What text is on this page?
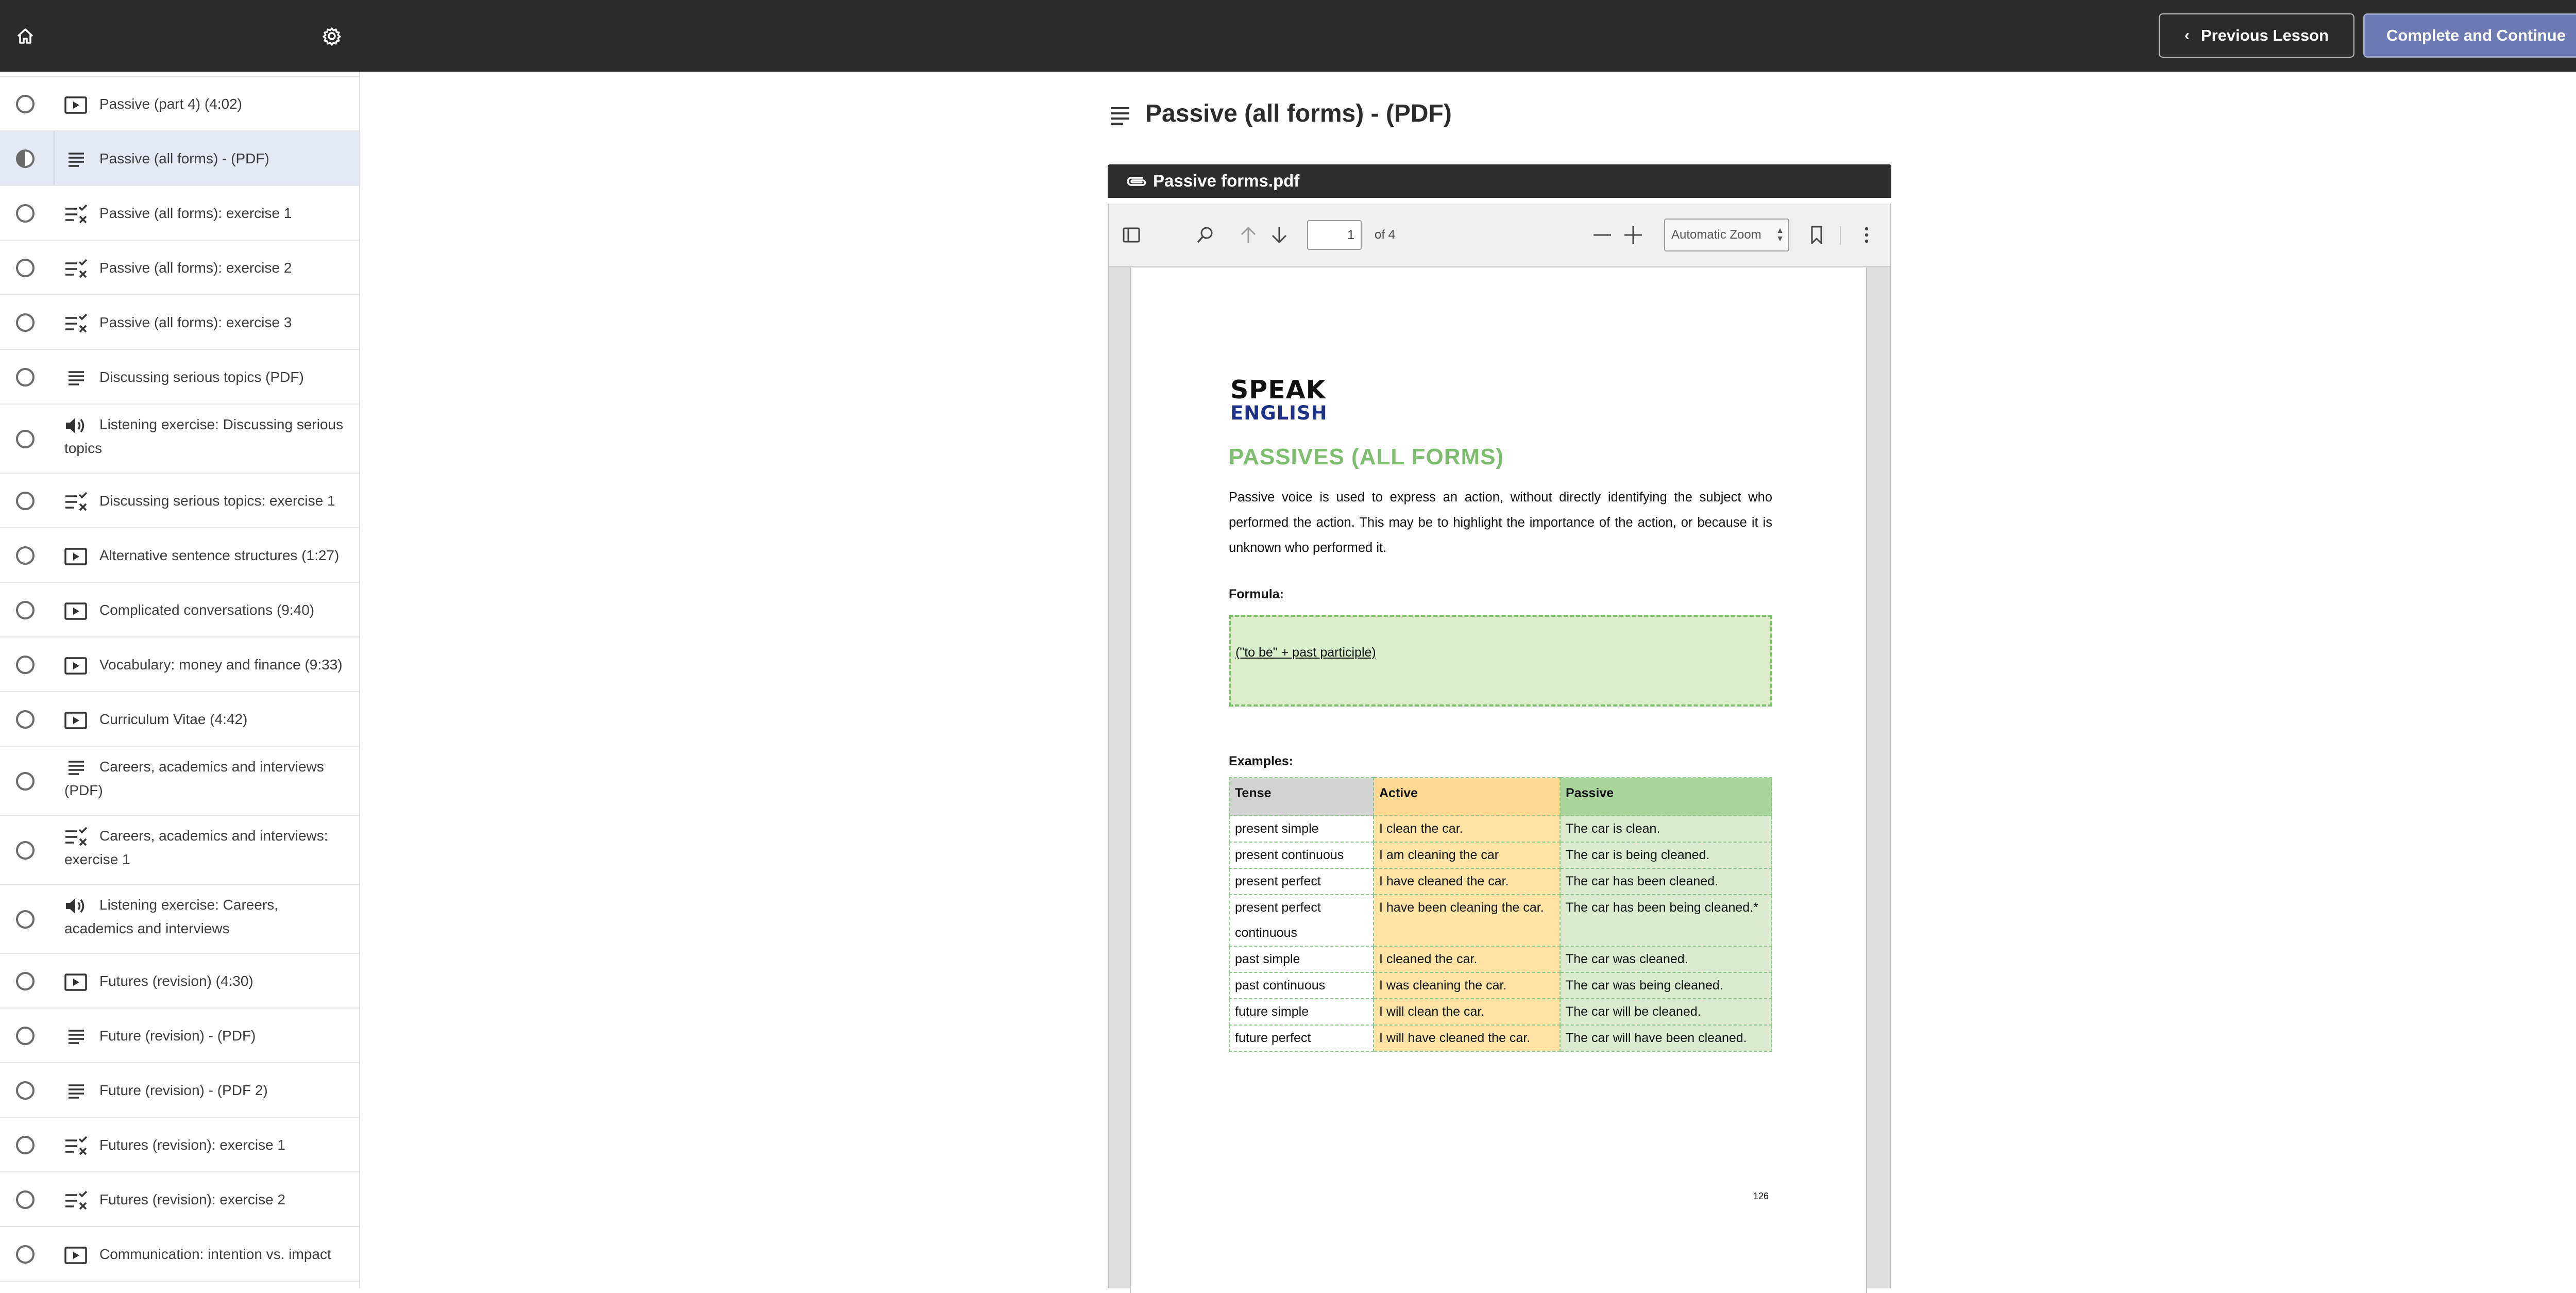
Passive (part 4) (4:02)
Passive (all forms) - (PDF)
Passive (all forms): exercise 1
Passive (all forms): exercise 2
Passive (all forms): exercise 3
Discussing serious topics (PDF)
Listening exercise: Discussing serious topics
Discussing serious topics: exercise 1
Alternative sentence structures (1:27)
Complicated conversations (9:40)
Vocabulary: money and finance (9:33)
Curriculum Vitae (4:42)
Careers, academics and interviews (PDF)
Careers, academics and interviews: exercise 1
Listening exercise: Careers, academics and interviews
Futures (revision) (4:30)
Future (revision) - (PDF)
Future (revision) - (PDF 2)
Futures (revision): exercise 1
Futures (revision): exercise 2
Communication: intention vs. impact
‹ Previous Lesson	Complete and Continue
Passive (all forms) - (PDF)
Passive forms.pdf
1
of 4	Automatic Zoom ▲
▼
SPEAK
ENGLISH
PASSIVES (ALL FORMS)
Passive voice is used to express an action, without directly identifying the subject who performed the action. This may be to highlight the importance of the action, or because it is unknown who performed it.
Formula:
("to be" + past participle)
Examples:
Tense	Active	Passive
present simple	I clean the car.	The car is clean.
present continuous	I am cleaning the car	The car is being cleaned.
present perfect	I have cleaned the car.	The car has been cleaned.
present perfect continuous	I have been cleaning the car.	The car has been being cleaned.*
past simple	I cleaned the car.	The car was cleaned.
past continuous	I was cleaning the car.	The car was being cleaned.
future simple	I will clean the car.	The car will be cleaned.
future perfect	I will have cleaned the car.	The car will have been cleaned.
126
